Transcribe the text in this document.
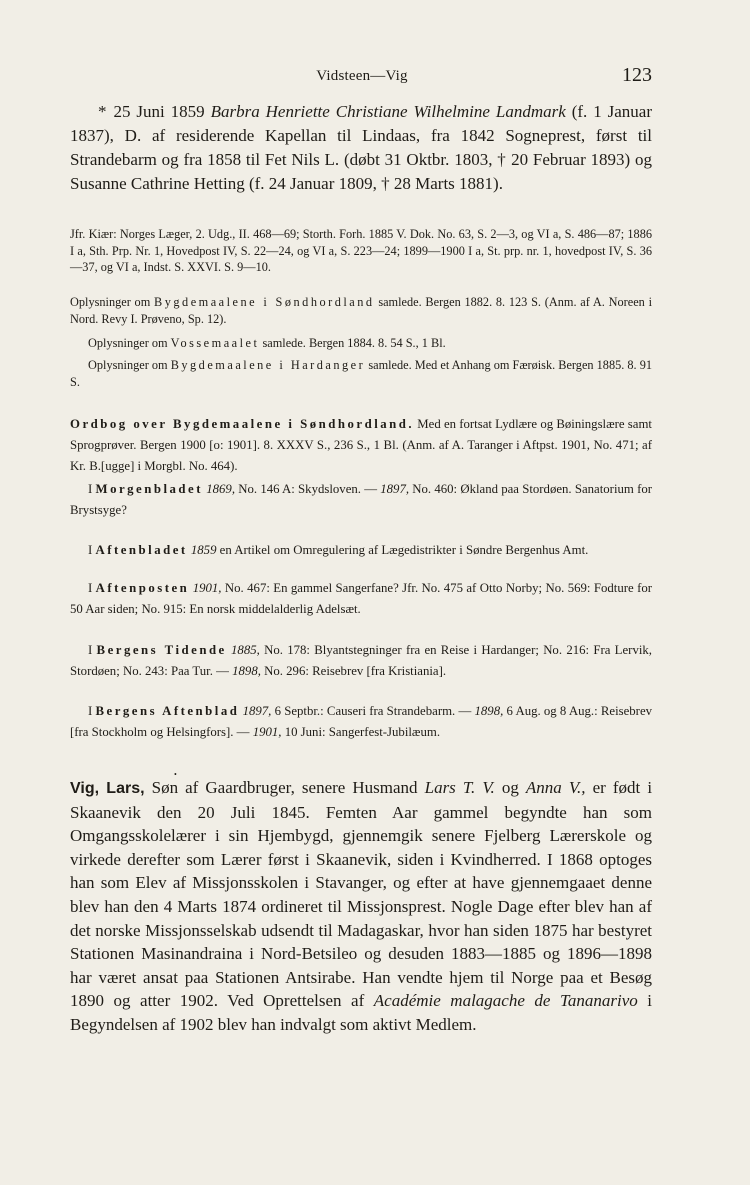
Vidsteen—Vig	123

* 25 Juni 1859 Barbra Henriette Christiane Wilhelmine Landmark (f. 1 Januar 1837), D. af residerende Kapellan til Lindaas, fra 1842 Sogneprest, først til Strandebarm og fra 1858 til Fet Nils L. (døbt 31 Oktbr. 1803, † 20 Februar 1893) og Susanne Cathrine Hetting (f. 24 Januar 1809, † 28 Marts 1881).

Jfr. Kiær: Norges Læger, 2. Udg., II. 468—69; Storth. Forh. 1885 V. Dok. No. 63, S. 2—3, og VI a, S. 486—87; 1886 I a, Sth. Prp. Nr. 1, Hovedpost IV, S. 22—24, og VI a, S. 223—24; 1899—1900 I a, St. prp. nr. 1, hovedpost IV, S. 36—37, og VI a, Indst. S. XXVI. S. 9—10.

Oplysninger om Bygdemaalene i Søndhordland samlede. Bergen 1882. 8. 123 S. (Anm. af A. Noreen i Nord. Revy I. Prøveno, Sp. 12).

Oplysninger om Vossemaalet samlede. Bergen 1884. 8. 54 S., 1 Bl.

Oplysninger om Bygdemaalene i Hardanger samlede. Med et Anhang om Færøisk. Bergen 1885. 8. 91 S.

Ordbog over Bygdemaalene i Søndhordland. Med en fortsat Lydlære og Bøiningslære samt Sprogprøver. Bergen 1900 [o: 1901]. 8. XXXV S., 236 S., 1 Bl. (Anm. af A. Taranger i Aftpst. 1901, No. 471; af Kr. B.[ugge] i Morgbl. No. 464).

I Morgenbladet 1869, No. 146 A: Skydsloven. — 1897, No. 460: Økland paa Stordøen. Sanatorium for Brystsyge?

I Aftenbladet 1859 en Artikel om Omregulering af Lægedistrikter i Søndre Bergenhus Amt.

I Aftenposten 1901, No. 467: En gammel Sangerfane? Jfr. No. 475 af Otto Norby; No. 569: Fodture for 50 Aar siden; No. 915: En norsk middelalderlig Adelsæt.

I Bergens Tidende 1885, No. 178: Blyantstegninger fra en Reise i Hardanger; No. 216: Fra Lervik, Stordøen; No. 243: Paa Tur. — 1898, No. 296: Reisebrev [fra Kristiania].

I Bergens Aftenblad 1897, 6 Septbr.: Causeri fra Strandebarm. — 1898, 6 Aug. og 8 Aug.: Reisebrev [fra Stockholm og Helsingfors]. — 1901, 10 Juni: Sangerfest-Jubilæum.

•

Vig, Lars, Søn af Gaardbruger, senere Husmand Lars T. V. og Anna V., er født i Skaanevik den 20 Juli 1845. Femten Aar gammel begyndte han som Omgangsskolelærer i sin Hjembygd, gjennemgik senere Fjelberg Lærerskole og virkede derefter som Lærer først i Skaanevik, siden i Kvindherred. I 1868 optoges han som Elev af Missjonsskolen i Stavanger, og efter at have gjennemgaaet denne blev han den 4 Marts 1874 ordineret til Missjonsprest. Nogle Dage efter blev han af det norske Missjonsselskab udsendt til Madagaskar, hvor han siden 1875 har bestyret Stationen Masinandraina i Nord-Betsileo og desuden 1883—1885 og 1896—1898 har været ansat paa Stationen Antsirabe. Han vendte hjem til Norge paa et Besøg 1890 og atter 1902. Ved Oprettelsen af Académie malagache de Tananarivo i Begyndelsen af 1902 blev han indvalgt som aktivt Medlem.
